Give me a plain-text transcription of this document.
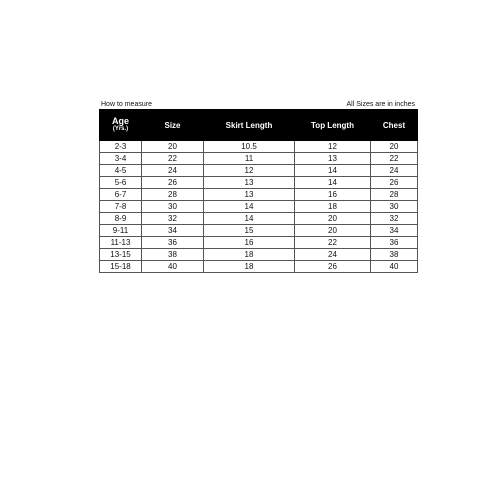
How to measure	All Sizes are in inches
Age
(Yrs.)	Size	Skirt Length	Top Length	Chest
2-3	20	10.5	12	20
3-4	22	11	13	22
4-5	24	12	14	24
5-6	26	13	14	26
6-7	28	13	16	28
7-8	30	14	18	30
8-9	32	14	20	32
9-11	34	15	20	34
11-13	36	16	22	36
13-15	38	18	24	38
15-18	40	18	26	40
